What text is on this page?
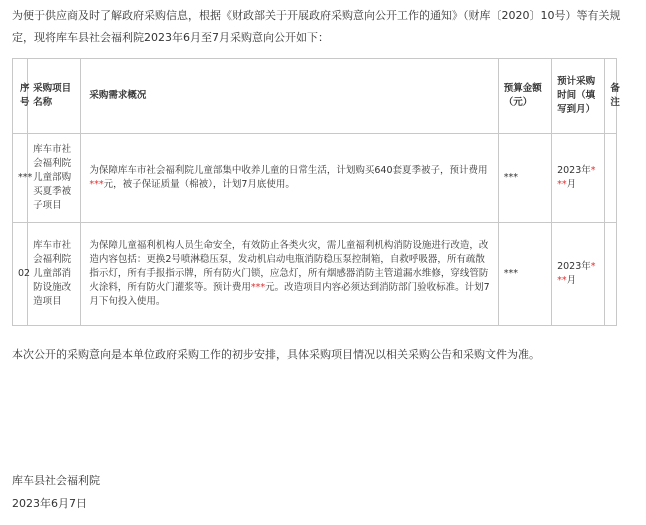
为便于供应商及时了解政府采购信息，根据《财政部关于开展政府采购意向公开工作的通知》（财库〔2020〕10号）等有关规定，现将库车县社会福利院2023年6月至7月采购意向公开如下：

序号	采购项目名称	采购需求概况	预算金额（元）	预计采购时间（填写到月）	备注
***	库车市社会福利院儿童部购买夏季被子项目	为保障库车市社会福利院儿童部集中收养儿童的日常生活，计划购买640套夏季被子，预计费用***元，被子保证质量（棉被），计划7月底使用。	***	2023年*
**月	
02	库车市社会福利院儿童部消防设施改造项目	为保障儿童福利机构人员生命安全，有效防止各类火灾，需儿童福利机构消防设施进行改造，改造内容包括：更换2号喷淋稳压泵，发动机启动电瓶消防稳压泵控制箱，自救呼吸器，所有疏散指示灯，所有手报指示牌，所有防火门锁，应急灯，所有烟感器消防主管道漏水维修，穿线管防火涂料，所有防火门灌浆等。预计费用***元。改造项目内容必须达到消防部门验收标准。计划7月下旬投入使用。	***	2023年*
**月	

本次公开的采购意向是本单位政府采购工作的初步安排，具体采购项目情况以相关采购公告和采购文件为准。

库车县社会福利院

2023年6月7日
